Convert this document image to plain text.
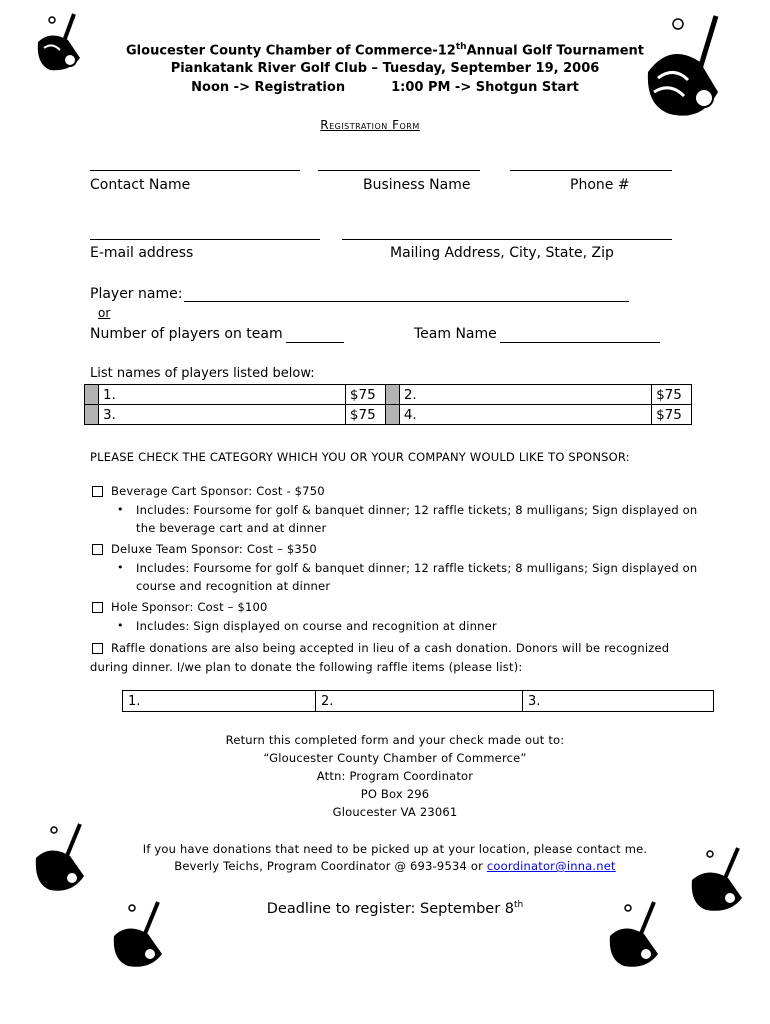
Gloucester County Chamber of Commerce-12thAnnual Golf Tournament
Piankatank River Golf Club – Tuesday, September 19, 2006
Noon -> Registration	1:00 PM -> Shotgun Start
Registration Form
Contact Name	Business Name	Phone #
E-mail address	Mailing Address, City, State, Zip
Player name:
or
Number of players on team	Team Name
List names of players listed below:
	1.	$75		2.	$75
	3.	$75		4.	$75
PLEASE CHECK THE CATEGORY WHICH YOU OR YOUR COMPANY WOULD LIKE TO SPONSOR:
Beverage Cart Sponsor: Cost - $750
• Includes: Foursome for golf & banquet dinner; 12 raffle tickets; 8 mulligans; Sign displayed on
the beverage cart and at dinner
Deluxe Team Sponsor: Cost – $350
• Includes: Foursome for golf & banquet dinner; 12 raffle tickets; 8 mulligans; Sign displayed on
course and recognition at dinner
Hole Sponsor: Cost – $100
• Includes: Sign displayed on course and recognition at dinner
Raffle donations are also being accepted in lieu of a cash donation. Donors will be recognized
during dinner. I/we plan to donate the following raffle items (please list):
1.	2.	3.
Return this completed form and your check made out to:
“Gloucester County Chamber of Commerce”
Attn: Program Coordinator
PO Box 296
Gloucester VA 23061
If you have donations that need to be picked up at your location, please contact me.
Beverly Teichs, Program Coordinator @ 693-9534 or coordinator@inna.net
Deadline to register: September 8th
